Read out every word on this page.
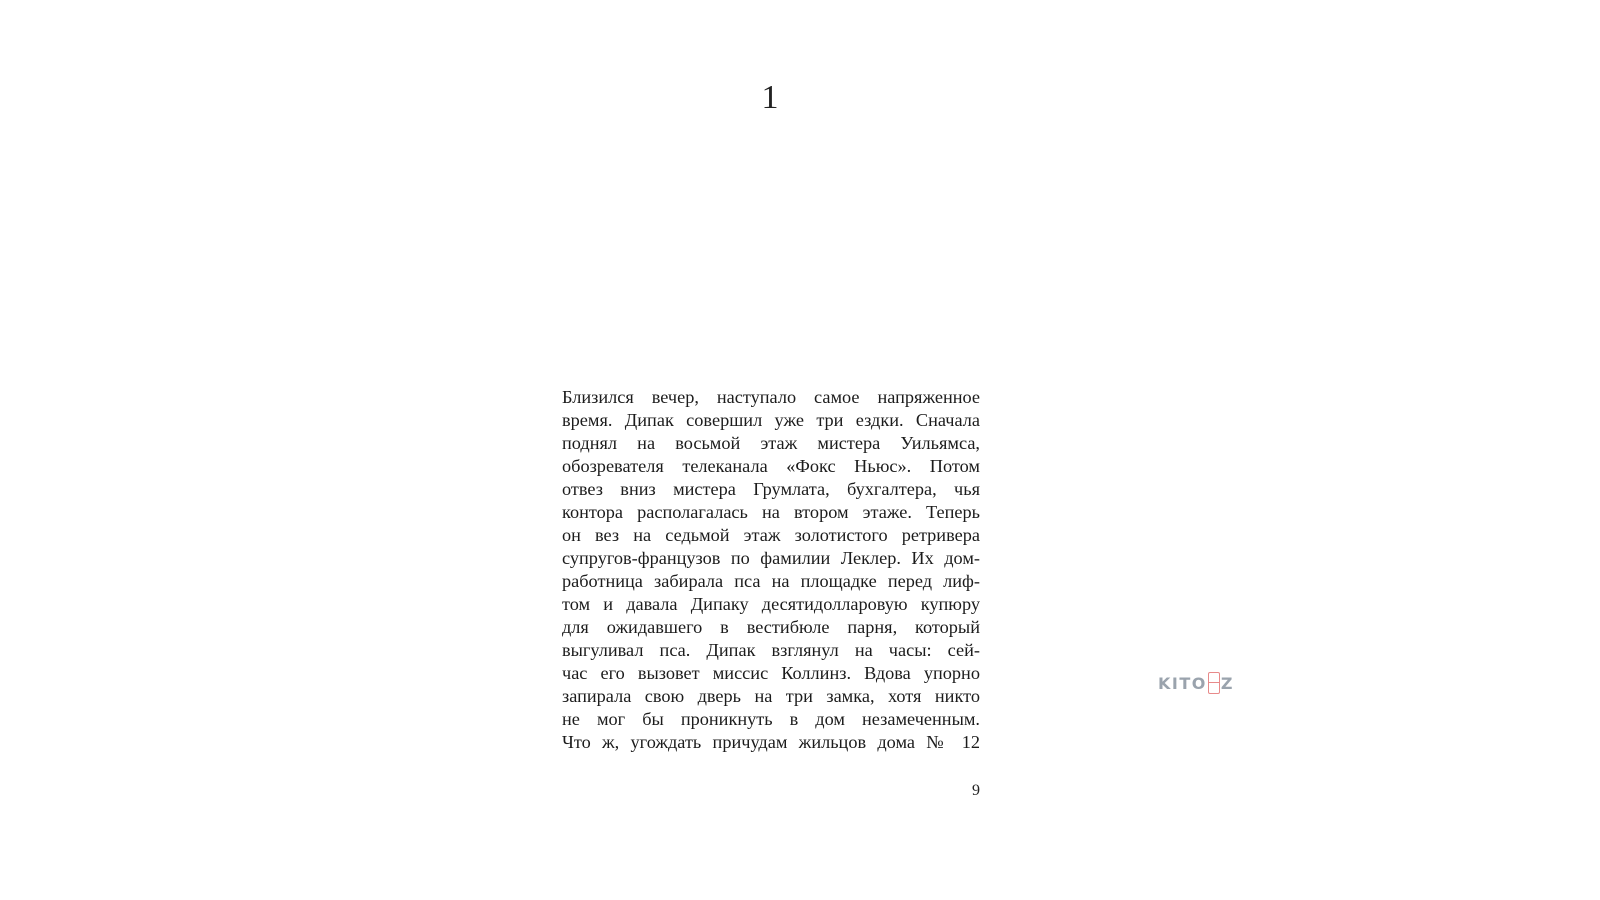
1
Близился вечер, наступало самое напряженное
время. Дипак совершил уже три ездки. Сначала
поднял на восьмой этаж мистера Уильямса,
обозревателя телеканала «Фокс Ньюс». Потом
отвез вниз мистера Грумлата, бухгалтера, чья
контора располагалась на втором этаже. Теперь
он вез на седьмой этаж золотистого ретривера
супругов-французов по фамилии Леклер. Их дом-
работница забирала пса на площадке перед лиф-
том и давала Дипаку десятидолларовую купюру
для ожидавшего в вестибюле парня, который
выгуливал пса. Дипак взглянул на часы: сей-
час его вызовет миссис Коллинз. Вдова упорно
запирала свою дверь на три замка, хотя никто
не мог бы проникнуть в дом незамеченным.
Что ж, угождать причудам жильцов дома № 12
9
KITO Z
